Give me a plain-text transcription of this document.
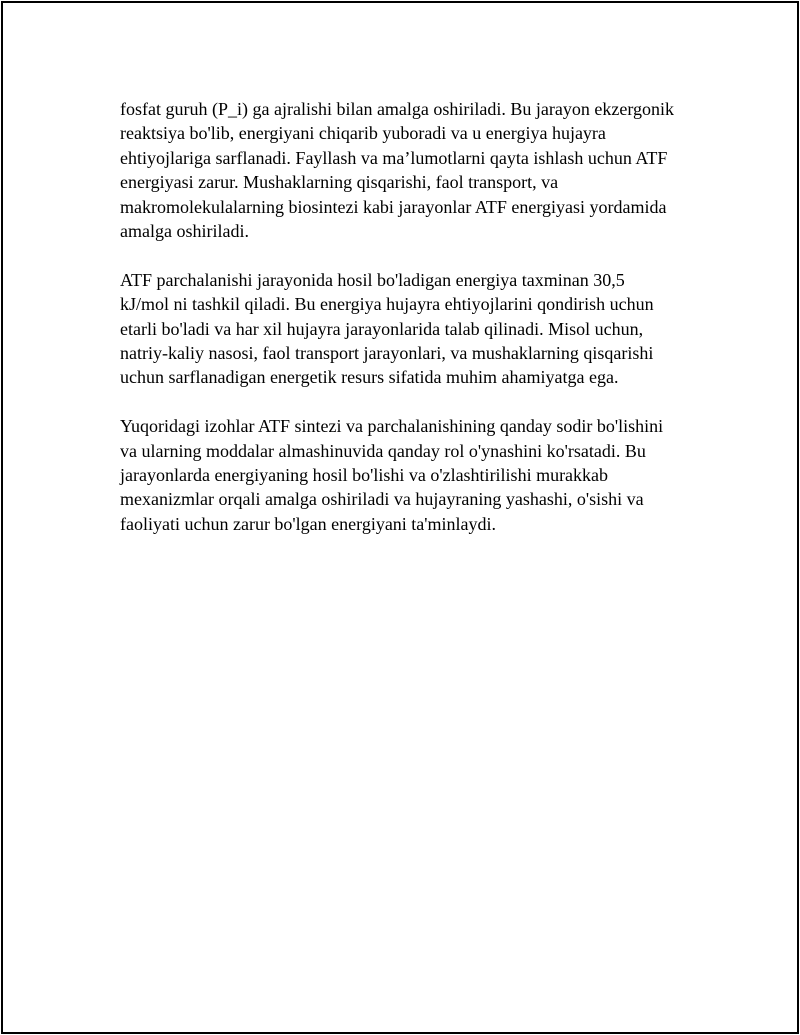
fosfat guruh (P_i) ga ajralishi bilan amalga oshiriladi. Bu jarayon ekzergonik
reaktsiya bo'lib, energiyani chiqarib yuboradi va u energiya hujayra
ehtiyojlariga sarflanadi. Fayllash va ma’lumotlarni qayta ishlash uchun ATF
energiyasi zarur. Mushaklarning qisqarishi, faol transport, va
makromolekulalarning biosintezi kabi jarayonlar ATF energiyasi yordamida
amalga oshiriladi.

ATF parchalanishi jarayonida hosil bo'ladigan energiya taxminan 30,5
kJ/mol ni tashkil qiladi. Bu energiya hujayra ehtiyojlarini qondirish uchun
etarli bo'ladi va har xil hujayra jarayonlarida talab qilinadi. Misol uchun,
natriy-kaliy nasosi, faol transport jarayonlari, va mushaklarning qisqarishi
uchun sarflanadigan energetik resurs sifatida muhim ahamiyatga ega.

Yuqoridagi izohlar ATF sintezi va parchalanishining qanday sodir bo'lishini
va ularning moddalar almashinuvida qanday rol o'ynashini ko'rsatadi. Bu
jarayonlarda energiyaning hosil bo'lishi va o'zlashtirilishi murakkab
mexanizmlar orqali amalga oshiriladi va hujayraning yashashi, o'sishi va
faoliyati uchun zarur bo'lgan energiyani ta'minlaydi.
